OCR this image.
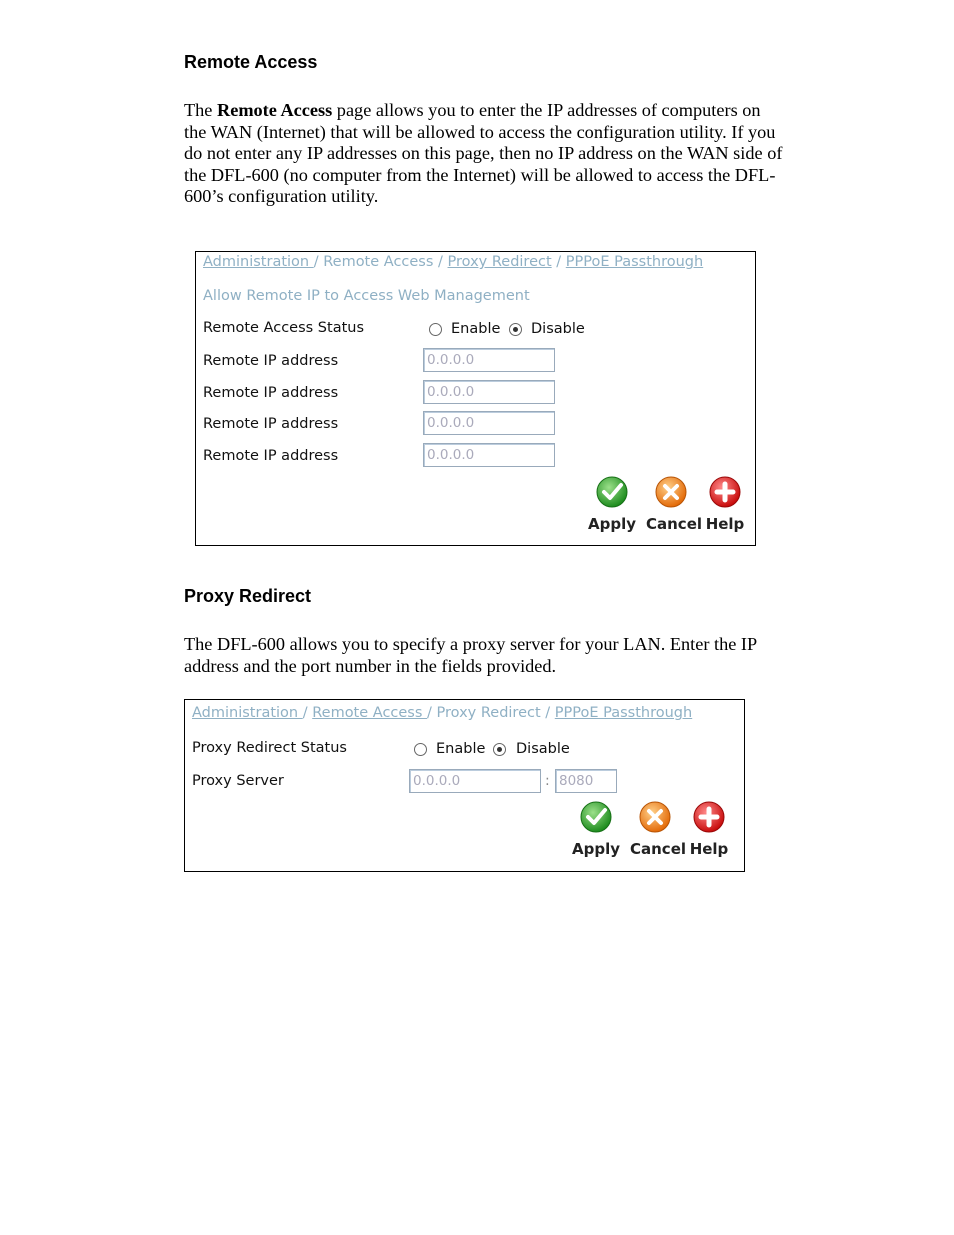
Remote Access
The Remote Access page allows you to enter the IP addresses of computers on the WAN (Internet) that will be allowed to access the configuration utility. If you do not enter any IP addresses on this page, then no IP address on the WAN side of the DFL-600 (no computer from the Internet) will be allowed to access the DFL-600’s configuration utility.
Administration / Remote Access / Proxy Redirect / PPPoE Passthrough
Allow Remote IP to Access Web Management
Remote Access Status	Enable Disable
Remote IP address	0.0.0.0
Remote IP address	0.0.0.0
Remote IP address	0.0.0.0
Remote IP address	0.0.0.0
Apply Cancel Help
Proxy Redirect
The DFL-600 allows you to specify a proxy server for your LAN. Enter the IP address and the port number in the fields provided.
Administration / Remote Access / Proxy Redirect / PPPoE Passthrough
Proxy Redirect Status	Enable Disable
Proxy Server	0.0.0.0	: 8080
Apply Cancel Help
